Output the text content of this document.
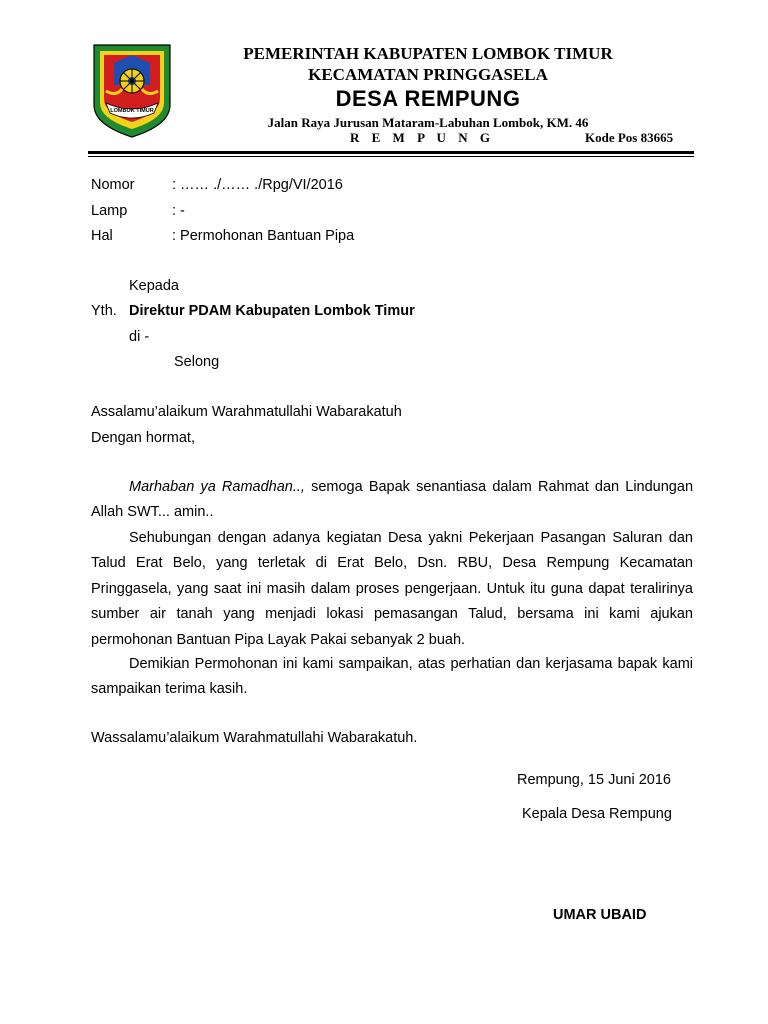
LOMBOK TIMUR
PEMERINTAH KABUPATEN LOMBOK TIMUR
KECAMATAN PRINGGASELA
DESA REMPUNG
Jalan Raya Jurusan Mataram-Labuhan Lombok, KM. 46
R E M P U N G	Kode Pos 83665
Nomor	: …… ./…… ./Rpg/VI/2016
Lamp	: -
Hal	: Permohonan Bantuan Pipa
Kepada
Yth. Direktur PDAM Kabupaten Lombok Timur
di -
Selong
Assalamu’alaikum Warahmatullahi Wabarakatuh
Dengan hormat,
Marhaban ya Ramadhan.., semoga Bapak senantiasa dalam Rahmat dan Lindungan Allah SWT... amin..
Sehubungan dengan adanya kegiatan Desa yakni Pekerjaan Pasangan Saluran dan Talud Erat Belo, yang terletak di Erat Belo, Dsn. RBU, Desa Rempung Kecamatan Pringgasela, yang saat ini masih dalam proses pengerjaan. Untuk itu guna dapat teralirinya sumber air tanah yang menjadi lokasi pemasangan Talud, bersama ini kami ajukan permohonan Bantuan Pipa Layak Pakai sebanyak 2 buah.
Demikian Permohonan ini kami sampaikan, atas perhatian dan kerjasama bapak kami sampaikan terima kasih.
Wassalamu’alaikum Warahmatullahi Wabarakatuh.
Rempung, 15 Juni 2016
Kepala Desa Rempung
UMAR UBAID
